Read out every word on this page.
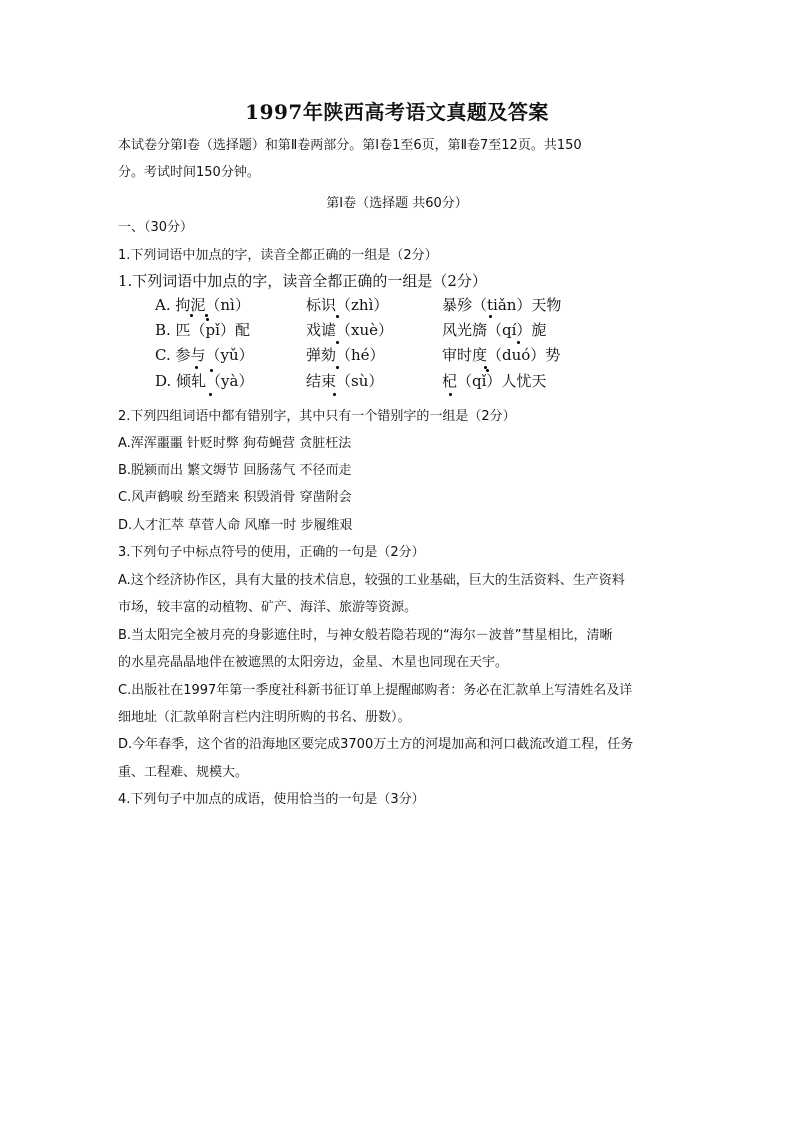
1997年陕西高考语文真题及答案
本试卷分第Ⅰ卷（选择题）和第Ⅱ卷两部分。第Ⅰ卷1至6页，第Ⅱ卷7至12页。共150
分。考试时间150分钟。
第Ⅰ卷（选择题 共60分）
一、（30分）
1.下列词语中加点的字，读音全都正确的一组是（2分）
1.下列词语中加点的字，读音全都正确的一组是（2分）
A. 拘泥（nì）	标识（zhì）	暴殄（tiǎn）天物
B. 匹（pǐ）配	戏谑（xuè）	风光旖（qí）旎
C. 参与（yǔ）	弹劾（hé）	审时度（duó）势
D. 倾轧（yà）	结束（sù）	杞（qǐ）人忧天
2.下列四组词语中都有错别字，其中只有一个错别字的一组是（2分）
A.浑浑噩噩 针贬时弊 狗苟蝇营 贪脏枉法
B.脱颍而出 繁文缛节 回肠荡气 不径而走
C.风声鹤唳 纷至踏来 积毁消骨 穿凿附会
D.人才汇萃 草菅人命 风靡一时 步履维艰
3.下列句子中标点符号的使用，正确的一句是（2分）
A.这个经济协作区，具有大量的技术信息，较强的工业基础，巨大的生活资料、生产资料
市场，较丰富的动植物、矿产、海洋、旅游等资源。
B.当太阳完全被月亮的身影遮住时，与神女般若隐若现的“海尔－波普”彗星相比，清晰
的水星亮晶晶地伴在被遮黑的太阳旁边，金星、木星也同现在天宇。
C.出版社在1997年第一季度社科新书征订单上提醒邮购者：务必在汇款单上写清姓名及详
细地址（汇款单附言栏内注明所购的书名、册数）。
D.今年春季，这个省的沿海地区要完成3700万土方的河堤加高和河口截流改道工程，任务
重、工程难、规模大。
4.下列句子中加点的成语，使用恰当的一句是（3分）
